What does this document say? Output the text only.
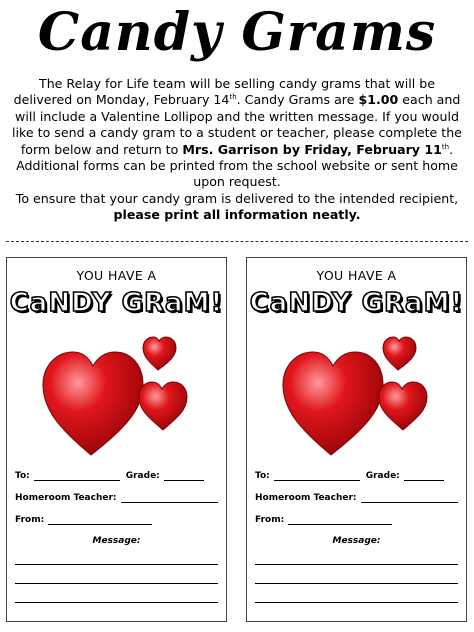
Candy Grams
The Relay for Life team will be selling candy grams that will be delivered on Monday, February 14th. Candy Grams are $1.00 each and will include a Valentine Lollipop and the written message. If you would like to send a candy gram to a student or teacher, please complete the form below and return to Mrs. Garrison by Friday, February 11th. Additional forms can be printed from the school website or sent home upon request.
To ensure that your candy gram is delivered to the intended recipient,
please print all information neatly.
YOU HAVE A
CaNDY GRaM!
To:	Grade:
Homeroom Teacher:
From:
Message:
YOU HAVE A
CaNDY GRaM!
To:	Grade:
Homeroom Teacher:
From:
Message:
